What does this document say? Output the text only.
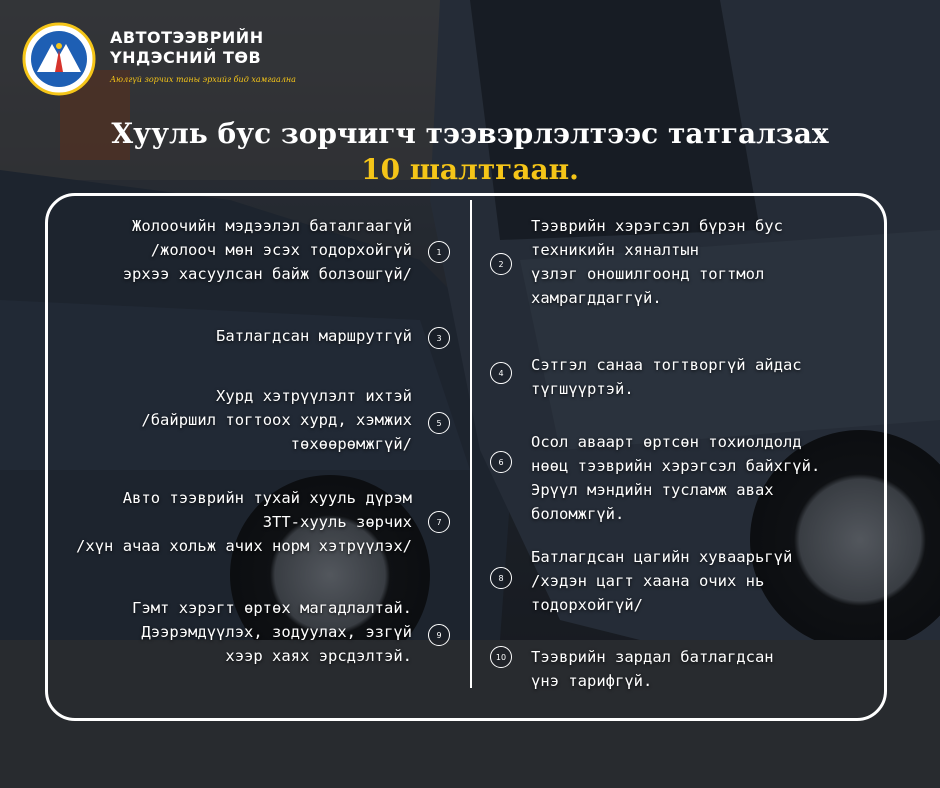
АВТОТЭЭВРИЙН
ҮНДЭСНИЙ ТӨВ
Аюлгүй зорчих таны эрхийг бид хамгаална
Хууль бус зорчигч тээвэрлэлтээс татгалзах
10 шалтгаан.
Жолоочийн мэдээлэл баталгаагүй
/жолооч мөн эсэх тодорхойгүй
эрхээ хасуулсан байж болзошгүй/
1
Тээврийн хэрэгсэл бүрэн бус
техникийн хяналтын
үзлэг оношилгоонд тогтмол
хамрагддаггүй.
2
Батлагдсан маршрутгүй	3
Сэтгэл санаа тогтворгүй айдас
түгшүүртэй.
4
Хурд хэтрүүлэлт ихтэй
/байршил тогтоох хурд, хэмжих
төхөөрөмжгүй/
5
Осол аваарт өртсөн тохиолдолд
нөөц тээврийн хэрэгсэл байхгүй.
Эрүүл мэндийн тусламж авах
боломжгүй.
6
Авто тээврийн тухай хууль дүрэм
ЗТТ-хууль зөрчих
/хүн ачаа хольж ачих норм хэтрүүлэх/
7
Батлагдсан цагийн хуваарьгүй
/хэдэн цагт хаана очих нь
тодорхойгүй/
8
Гэмт хэрэгт өртөх магадлалтай.
Дээрэмдүүлэх, зодуулах, эзгүй
хээр хаях эрсдэлтэй.
9
Тээврийн зардал батлагдсан
үнэ тарифгүй.
10
